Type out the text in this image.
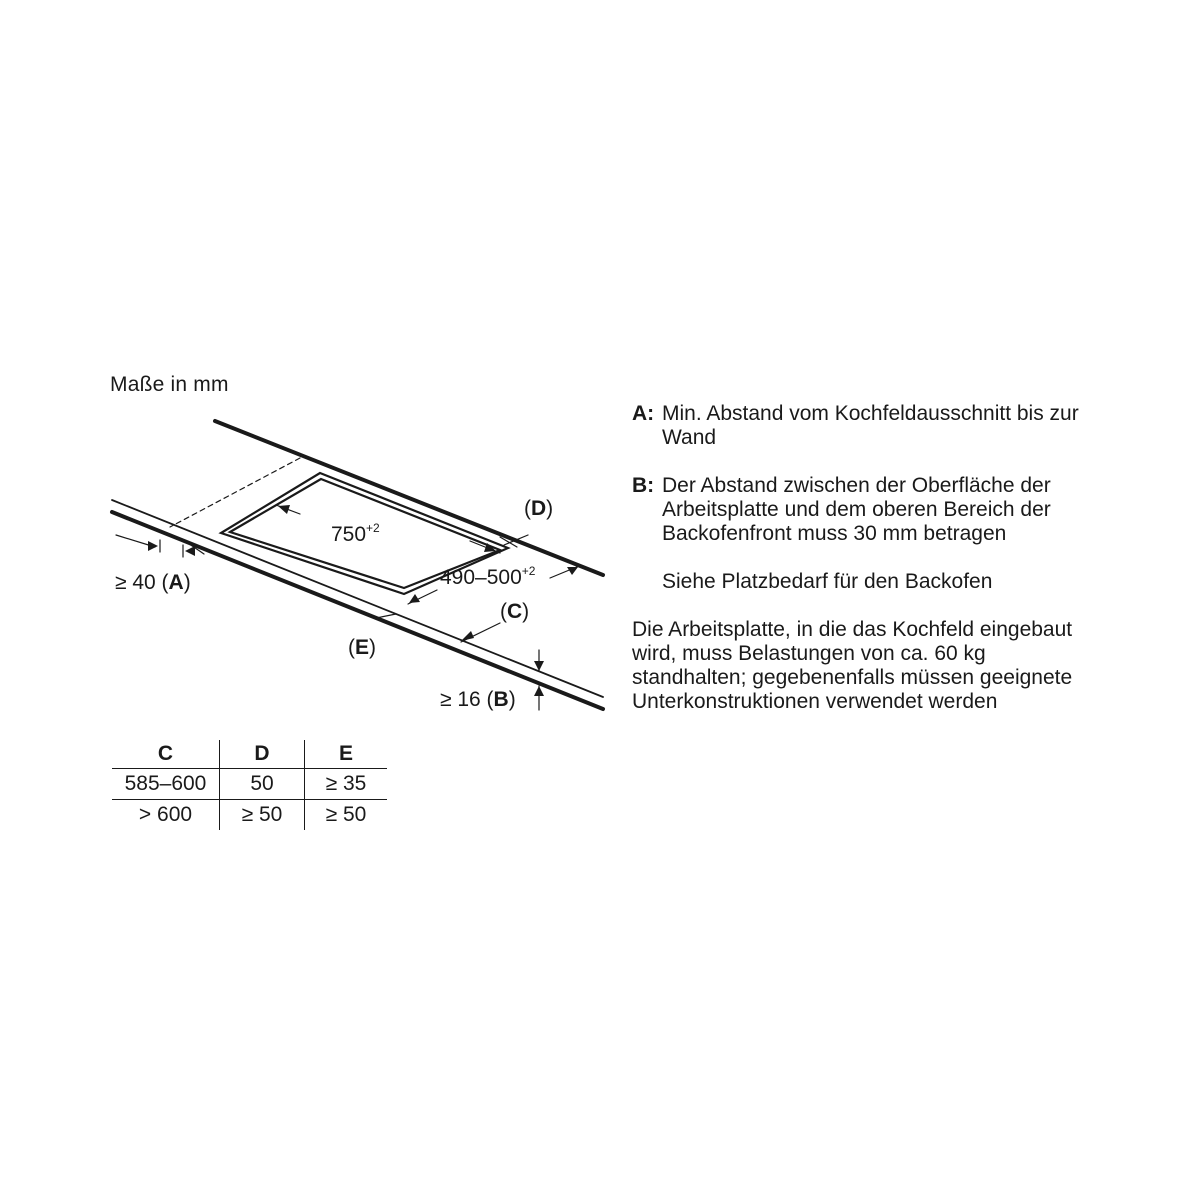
Maße in mm
≥ 40 (A)
$750^{+2}$
$490-500^{+2}$
(D)
(C)
(E)
≥ 16 (B)
C	D	E
585–600	50	≥ 35
> 600	≥ 50	≥ 50
A: Min. Abstand vom Kochfeldausschnitt bis zur Wand
B: Der Abstand zwischen der Oberfläche der Arbeitsplatte und dem oberen Bereich der Backofenfront muss 30 mm betragen
Siehe Platzbedarf für den Backofen
Die Arbeitsplatte, in die das Kochfeld eingebaut wird, muss Belastungen von ca. 60 kg standhalten; gegebenenfalls müssen geeignete Unterkonstruktionen verwendet werden
